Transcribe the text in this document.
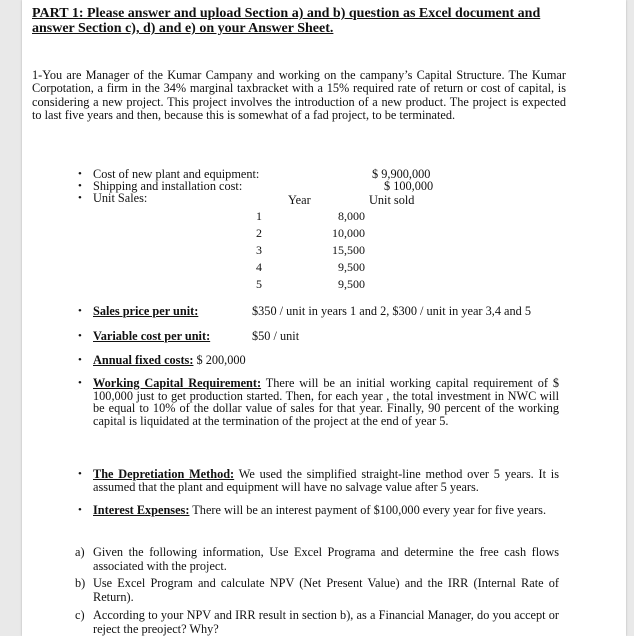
PART 1: Please answer and upload Section a) and b) question as Excel document and answer Section c), d) and e) on your Answer Sheet.
1-You are Manager of the Kumar Campany and working on the campany’s Capital Structure. The Kumar Corpotation, a firm in the 34% marginal taxbracket with a 15% required rate of return or cost of capital, is considering a new project. This project involves the introduction of a new product. The project is expected to last five years and then, because this is somewhat of a fad project, to be terminated.
• Cost of new plant and equipment:	$ 9,900,000
• Shipping and installation cost:	$ 100,000
• Unit Sales:	Year	Unit sold
1	8,000
2	10,000
3	15,500
4	9,500
5	9,500
• Sales price per unit:	$350 / unit in years 1 and 2, $300 / unit in year 3,4 and 5
• Variable cost per unit:	$50 / unit
• Annual fixed costs: $ 200,000
• Working Capital Requirement: There will be an initial working capital requirement of $ 100,000 just to get production started. Then, for each year , the total investment in NWC will be equal to 10% of the dollar value of sales for that year. Finally, 90 percent of the working capital is liquidated at the termination of the project at the end of year 5.
• The Depretiation Method: We used the simplified straight-line method over 5 years. It is assumed that the plant and equipment will have no salvage value after 5 years.
• Interest Expenses: There will be an interest payment of $100,000 every year for five years.
a) Given the following information, Use Excel Programa and determine the free cash flows associated with the project.
b) Use Excel Program and calculate NPV (Net Present Value) and the IRR (Internal Rate of Return).
c) According to your NPV and IRR result in section b), as a Financial Manager, do you accept or reject the preoject? Why?
